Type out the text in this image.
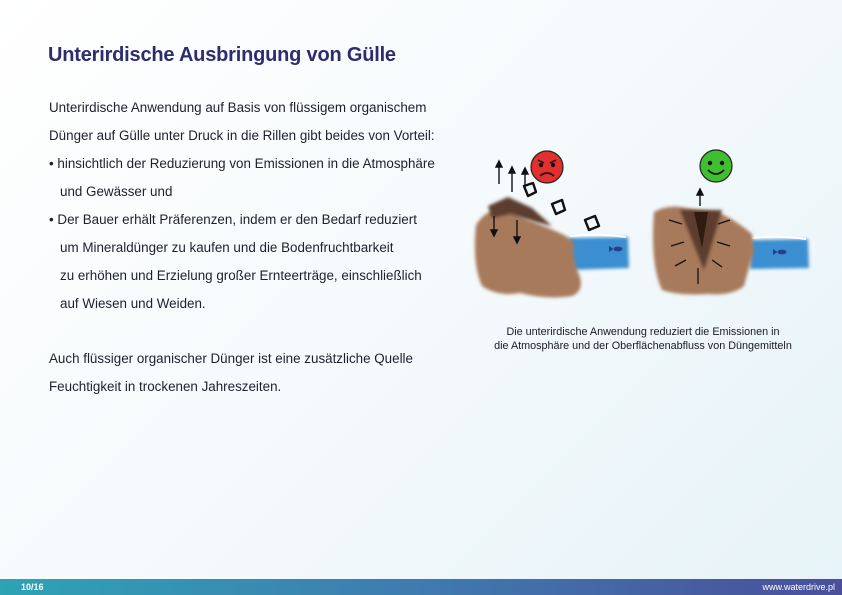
Unterirdische Ausbringung von Gülle
Unterirdische Anwendung auf Basis von flüssigem organischem
Dünger auf Gülle unter Druck in die Rillen gibt beides von Vorteil:
• hinsichtlich der Reduzierung von Emissionen in die Atmosphäre
und Gewässer und
• Der Bauer erhält Präferenzen, indem er den Bedarf reduziert
um Mineraldünger zu kaufen und die Bodenfruchtbarkeit
zu erhöhen und Erzielung großer Ernteerträge, einschließlich
auf Wiesen und Weiden.
Auch flüssiger organischer Dünger ist eine zusätzliche Quelle
Feuchtigkeit in trockenen Jahreszeiten.
Die unterirdische Anwendung reduziert die Emissionen in
die Atmosphäre und der Oberflächenabfluss von Düngemitteln
10/16	www.waterdrive.pl
